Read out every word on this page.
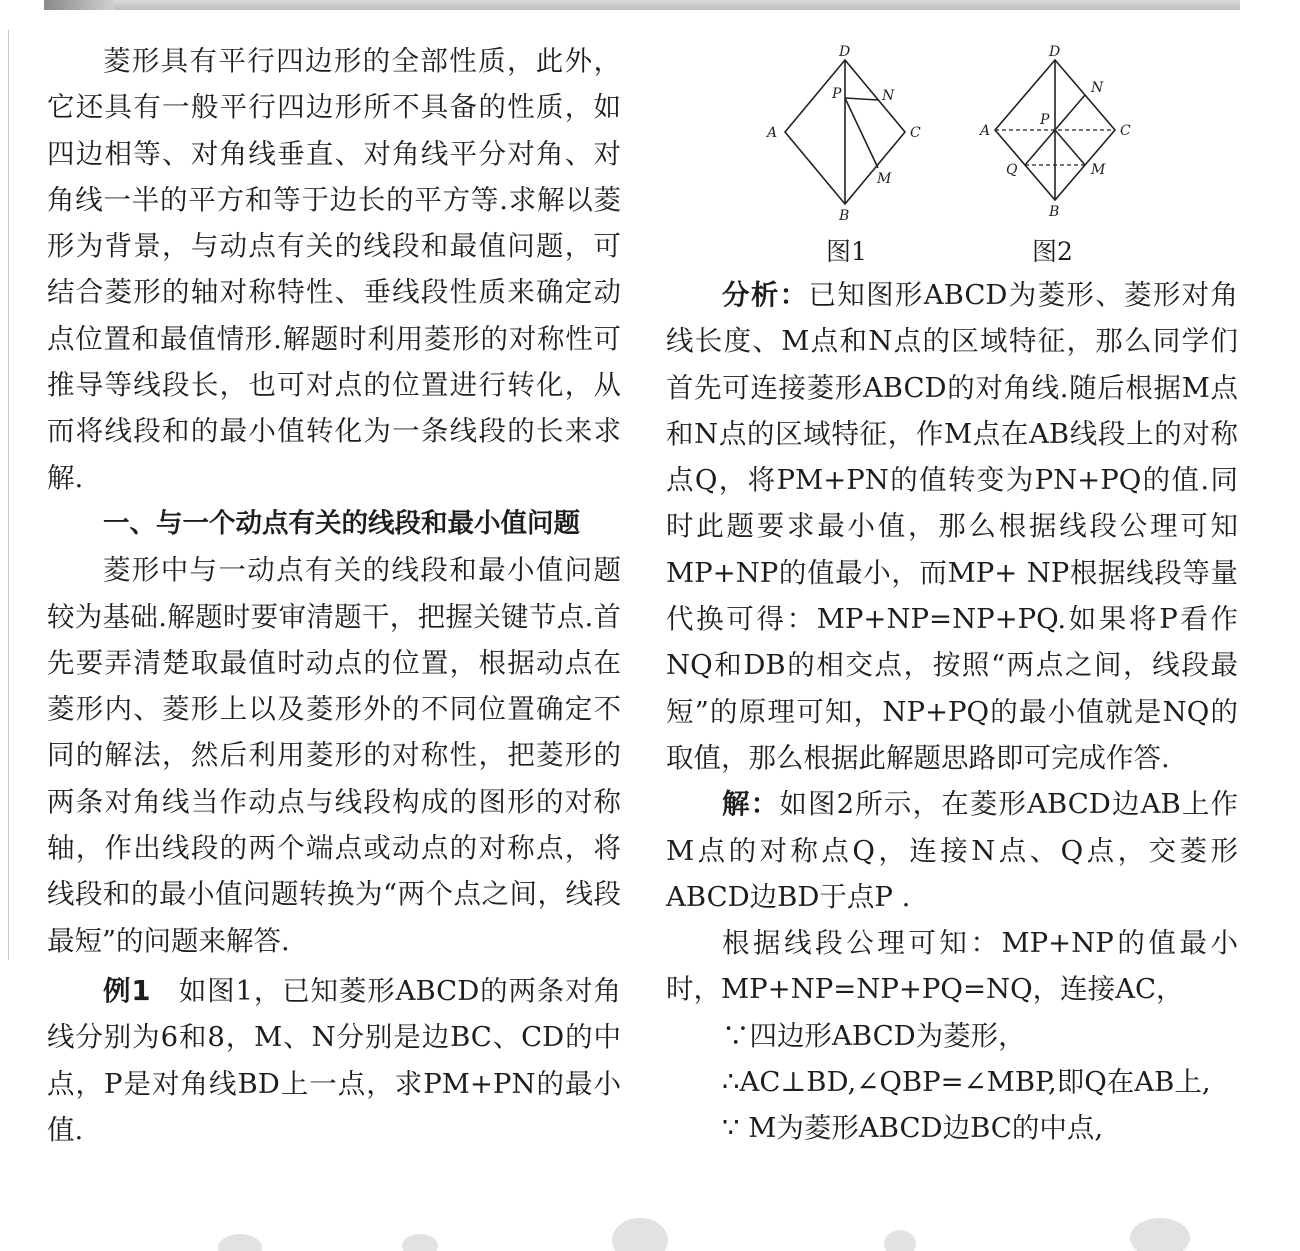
菱形具有平行四边形的全部性质，此外，它还具有一般平行四边形所不具备的性质，如四边相等、对角线垂直、对角线平分对角、对角线一半的平方和等于边长的平方等.求解以菱形为背景，与动点有关的线段和最值问题，可结合菱形的轴对称特性、垂线段性质来确定动点位置和最值情形.解题时利用菱形的对称性可推导等线段长，也可对点的位置进行转化，从而将线段和的最小值转化为一条线段的长来求解.

一、与一个动点有关的线段和最小值问题

菱形中与一动点有关的线段和最小值问题较为基础.解题时要审清题干，把握关键节点.首先要弄清楚取最值时动点的位置，根据动点在菱形内、菱形上以及菱形外的不同位置确定不同的解法，然后利用菱形的对称性，把菱形的两条对角线当作动点与线段构成的图形的对称轴，作出线段的两个端点或动点的对称点，将线段和的最小值问题转换为“两个点之间，线段最短”的问题来解答.

例1  如图1，已知菱形ABCD的两条对角线分别为6和8，M、N分别是边BC、CD的中点，P是对角线BD上一点，求PM+PN的最小值.

D
A	C
B
P	N
M
D
A	C
B
P
N
M
Q
图1	图2

分析：已知图形ABCD为菱形、菱形对角线长度、M点和N点的区域特征，那么同学们首先可连接菱形ABCD的对角线.随后根据M点和N点的区域特征，作M点在AB线段上的对称点Q，将PM+PN的值转变为PN+PQ的值.同时此题要求最小值，那么根据线段公理可知MP+NP的值最小，而MP+ NP根据线段等量代换可得：MP+NP=NP+PQ.如果将P看作NQ和DB的相交点，按照“两点之间，线段最短”的原理可知，NP+PQ的最小值就是NQ的取值，那么根据此解题思路即可完成作答.

解：如图2所示，在菱形ABCD边AB上作M点的对称点Q，连接N点、Q点，交菱形ABCD边BD于点P .

根据线段公理可知：MP+NP的值最小时，MP+NP=NP+PQ=NQ，连接AC，

∵四边形ABCD为菱形，

∴AC⊥BD,∠QBP=∠MBP,即Q在AB上,

∵ M为菱形ABCD边BC的中点,
